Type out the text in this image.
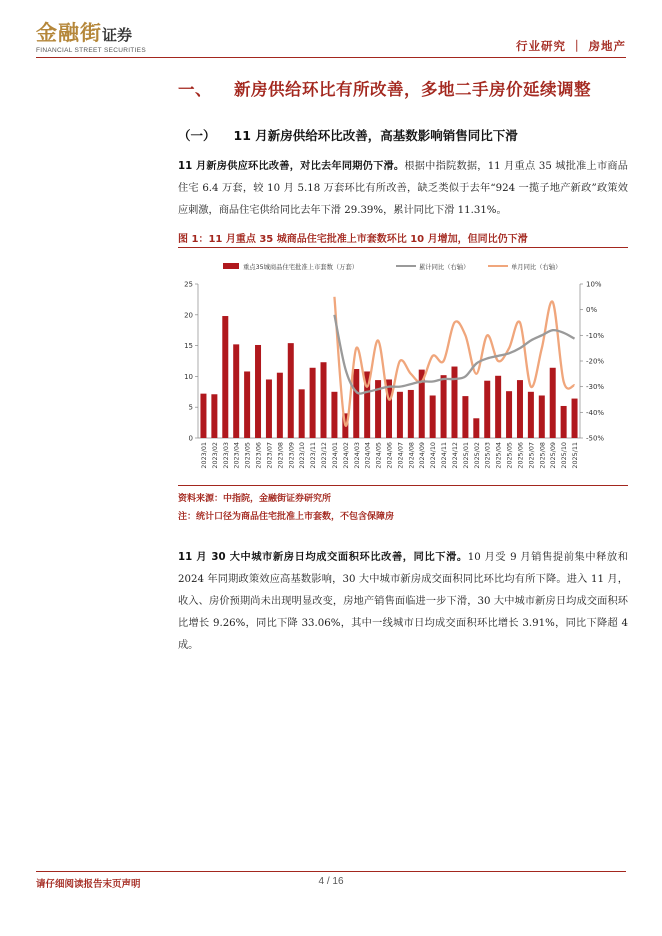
金融街证券
FINANCIAL STREET SECURITIES	行业研究 ｜ 房地产
一、 新房供给环比有所改善，多地二手房价延续调整
（一） 11 月新房供给环比改善，高基数影响销售同比下滑
11 月新房供应环比改善，对比去年同期仍下滑。根据中指院数据，11 月重点 35 城批准上市商品住宅 6.4 万套，较 10 月 5.18 万套环比有所改善，缺乏类似于去年“924 一揽子地产新政”政策效应刺激，商品住宅供给同比去年下滑 29.39%，累计同比下滑 11.31%。
图 1：11 月重点 35 城商品住宅批准上市套数环比 10 月增加，但同比仍下滑
重点35城商品住宅批准上市套数（万套）	累计同比（右轴）	单月同比（右轴）
0
5
10
15
20
25
-50%
-40%
-30%
-20%
-10%
0%
10%
2023/01 2023/02 2023/03 2023/04 2023/05 2023/06 2023/07 2023/08 2023/09 2023/10 2023/11 2023/12 2024/01 2024/02 2024/03 2024/04 2024/05 2024/06 2024/07 2024/08 2024/09 2024/10 2024/11 2024/12 2025/01 2025/02 2025/03 2025/04 2025/05 2025/06 2025/07 2025/08 2025/09 2025/10 2025/11
资料来源：中指院，金融街证券研究所
注：统计口径为商品住宅批准上市套数，不包含保障房
11 月 30 大中城市新房日均成交面积环比改善，同比下滑。10 月受 9 月销售提前集中释放和 2024 年同期政策效应高基数影响，30 大中城市新房成交面积同比环比均有所下降。进入 11 月，收入、房价预期尚未出现明显改变，房地产销售面临进一步下滑，30 大中城市新房日均成交面积环比增长 9.26%，同比下降 33.06%，其中一线城市日均成交面积环比增长 3.91%，同比下降超 4 成。
请仔细阅读报告末页声明	4 / 16
